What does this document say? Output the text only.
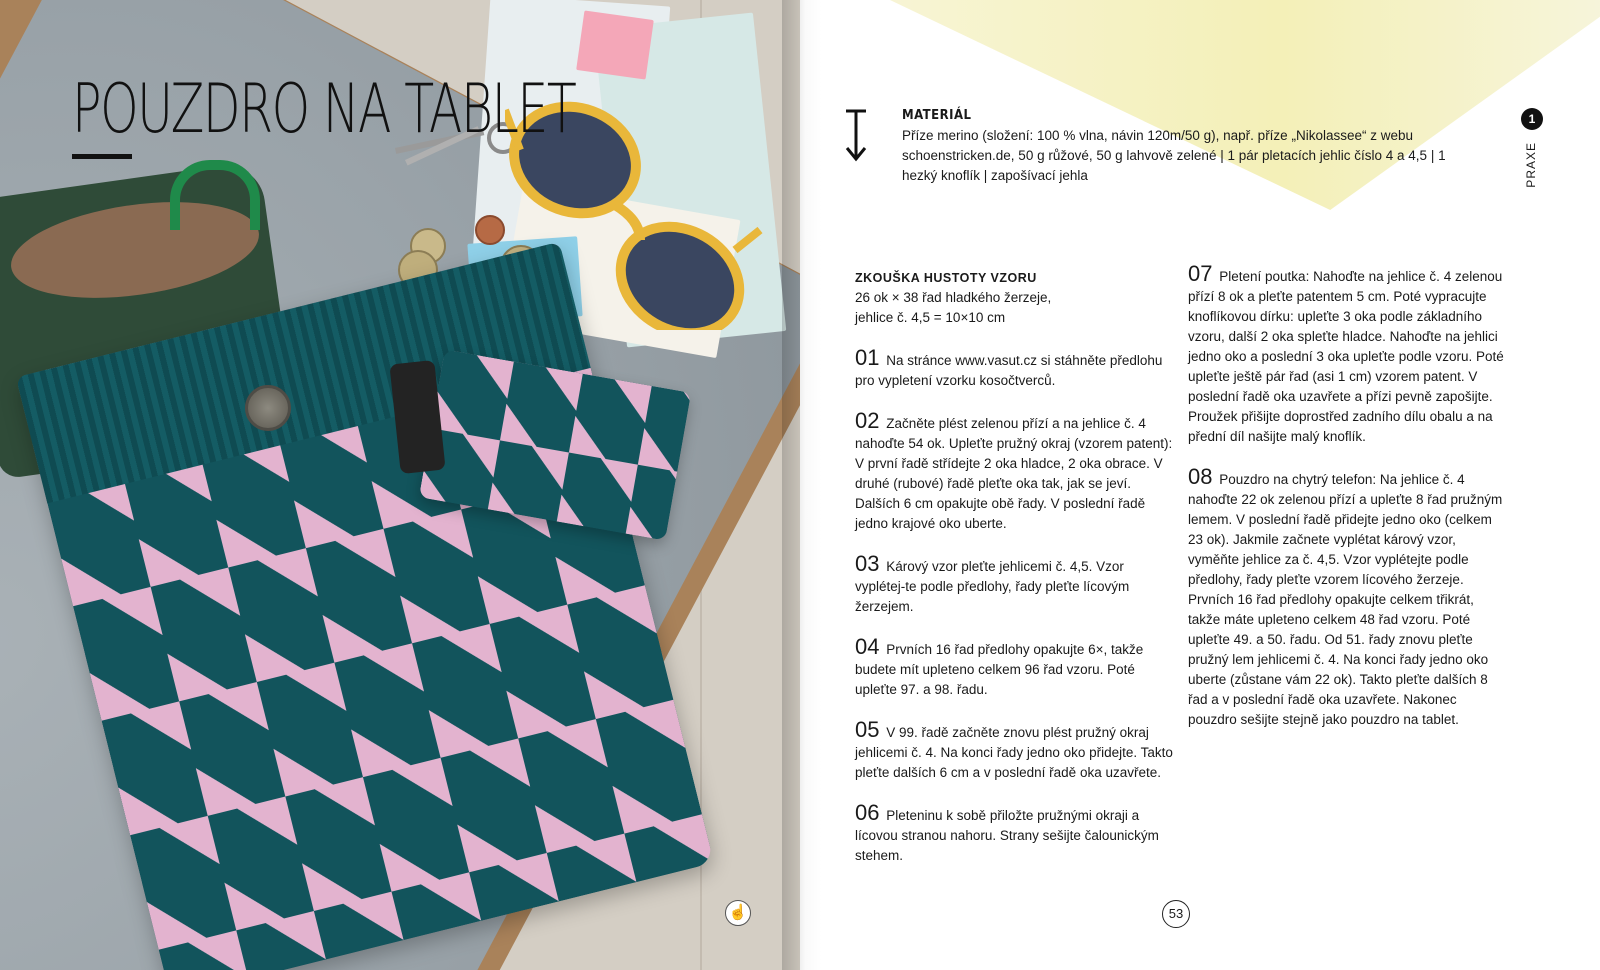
POUZDRO NA TABLET
☝
MATERIÁL
Příze merino (složení: 100 % vlna, návin 120m/50 g), např. příze „Nikolassee“ z webu schoenstricken.de, 50 g růžové, 50 g lahvově zelené | 1 pár pletacích jehlic číslo 4 a 4,5 | 1 hezký knoflík | zapošívací jehla
1
PRAXE
ZKOUŠKA HUSTOTY VZORU
26 ok × 38 řad hladkého žerzeje,
jehlice č. 4,5 = 10×10 cm
01 Na stránce www.vasut.cz si stáhněte předlohu pro vypletení vzorku kosočtverců.
02 Začněte plést zelenou přízí a na jehlice č. 4 nahoďte 54 ok. Upleťte pružný okraj (vzorem patent): V první řadě střídejte 2 oka hladce, 2 oka obrace. V druhé (rubové) řadě pleťte oka tak, jak se jeví. Dalších 6 cm opakujte obě řady. V poslední řadě jedno krajové oko uberte.
03 Kárový vzor pleťte jehlicemi č. 4,5. Vzor vyplétej-te podle předlohy, řady pleťte lícovým žerzejem.
04 Prvních 16 řad předlohy opakujte 6×, takže budete mít upleteno celkem 96 řad vzoru. Poté upleťte 97. a 98. řadu.
05 V 99. řadě začněte znovu plést pružný okraj jehlicemi č. 4. Na konci řady jedno oko přidejte. Takto pleťte dalších 6 cm a v poslední řadě oka uzavřete.
06 Pleteninu k sobě přiložte pružnými okraji a lícovou stranou nahoru. Strany sešijte čalounickým stehem.
07 Pletení poutka: Nahoďte na jehlice č. 4 zelenou přízí 8 ok a pleťte patentem 5 cm. Poté vypracujte knoflíkovou dírku: upleťte 3 oka podle základního vzoru, další 2 oka spleťte hladce. Nahoďte na jehlici jedno oko a poslední 3 oka upleťte podle vzoru. Poté upleťte ještě pár řad (asi 1 cm) vzorem patent. V poslední řadě oka uzavřete a přízi pevně zapošijte. Proužek přišijte doprostřed zadního dílu obalu a na přední díl našijte malý knoflík.
08 Pouzdro na chytrý telefon: Na jehlice č. 4 nahoďte 22 ok zelenou přízí a upleťte 8 řad pružným lemem. V poslední řadě přidejte jedno oko (celkem 23 ok). Jakmile začnete vyplétat kárový vzor, vyměňte jehlice za č. 4,5. Vzor vyplétejte podle předlohy, řady pleťte vzorem lícového žerzeje. Prvních 16 řad předlohy opakujte celkem třikrát, takže máte upleteno celkem 48 řad vzoru. Poté upleťte 49. a 50. řadu. Od 51. řady znovu pleťte pružný lem jehlicemi č. 4. Na konci řady jedno oko uberte (zůstane vám 22 ok). Takto pleťte dalších 8 řad a v poslední řadě oka uzavřete. Nakonec pouzdro sešijte stejně jako pouzdro na tablet.
53
